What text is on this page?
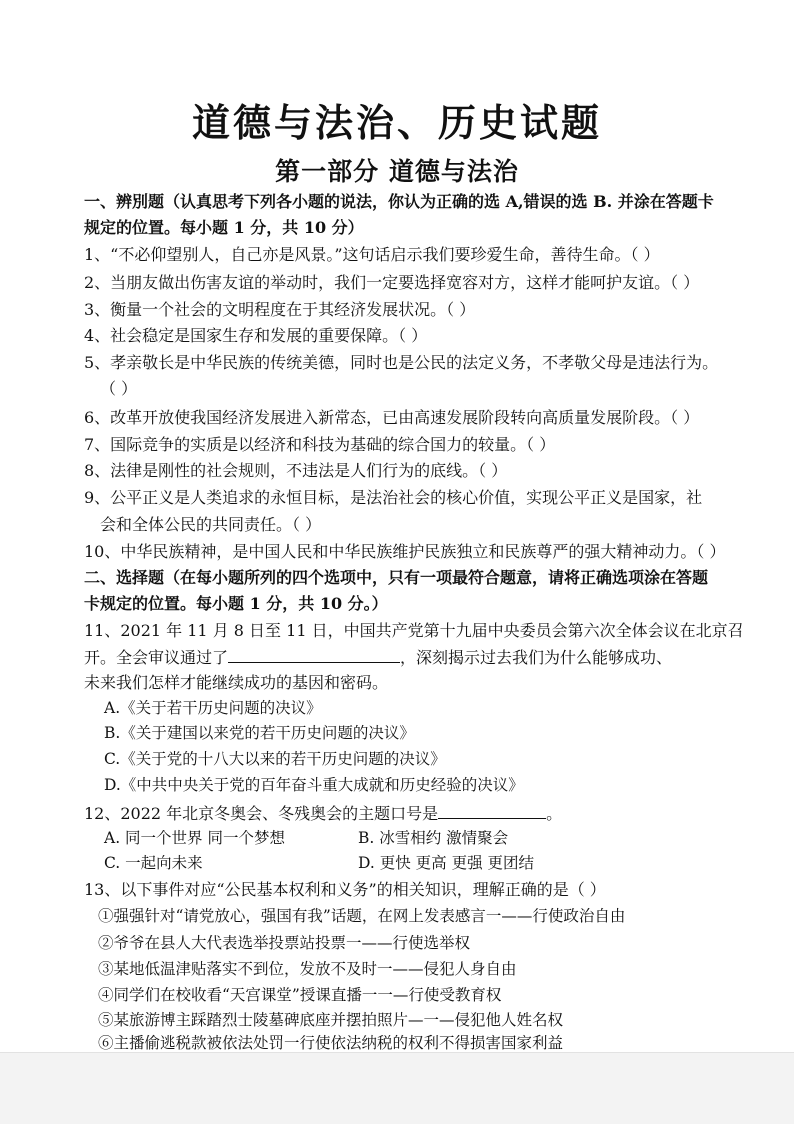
道德与法治、历史试题
第一部分 道德与法治
一、辨別题（认真思考下列各小题的说法，你认为正确的选 A,错误的选 B. 并涂在答题卡
规定的位置。每小题 1 分，共 10 分）
1、“不必仰望别人，自己亦是风景。”这句话启示我们要珍爱生命，善待生命。（ ）
2、当朋友做出伤害友谊的举动时，我们一定要选择宽容对方，这样才能呵护友谊。（ ）
3、衡量一个社会的文明程度在于其经济发展状况。（ ）
4、社会稳定是国家生存和发展的重要保障。（ ）
5、孝亲敬长是中华民族的传统美德，同时也是公民的法定义务，不孝敬父母是违法行为。
（ ）
6、改革开放使我国经济发展进入新常态，已由高速发展阶段转向高质量发展阶段。（ ）
7、国际竞争的实质是以经济和科技为基础的综合国力的较量。（ ）
8、法律是刚性的社会规则，不违法是人们行为的底线。（ ）
9、公平正义是人类追求的永恒目标，是法治社会的核心价值，实现公平正义是国家，社
会和全体公民的共同责任。（ ）
10、中华民族精神，是中国人民和中华民族维护民族独立和民族尊严的强大精神动力。（ ）
二、选择题（在每小题所列的四个选项中，只有一项最符合题意，请将正确选项涂在答题
卡规定的位置。每小题 1 分，共 10 分。）
11、2021 年 11 月 8 日至 11 日，中国共产党第十九届中央委员会第六次全体会议在北京召
开。全会审议通过了	，深刻揭示过去我们为什么能够成功、
未来我们怎样才能继续成功的基因和密码。
A.《关于若干历史问题的决议》
B.《关于建国以来党的若干历史问题的决议》
C.《关于党的十八大以来的若干历史问题的决议》
D.《中共中央关于党的百年奋斗重大成就和历史经验的决议》
12、2022 年北京冬奥会、冬残奥会的主题口号是	。
A. 同一个世界 同一个梦想	B. 冰雪相约 激情聚会
C. 一起向未来	D. 更快 更高 更强 更团结
13、以下事件对应“公民基本权利和义务”的相关知识，理解正确的是（ ）
①强强针对“请党放心，强国有我”话题，在网上发表感言一——行使政治自由
②爷爷在县人大代表选举投票站投票一——行使选举权
③某地低温津贴落实不到位，发放不及时一——侵犯人身自由
④同学们在校收看“天宫课堂”授课直播一一—行使受教育权
⑤某旅游博主踩踏烈士陵墓碑底座并摆拍照片—一—侵犯他人姓名权
⑥主播偷逃税款被依法处罚一行使依法纳税的权利不得损害国家利益
